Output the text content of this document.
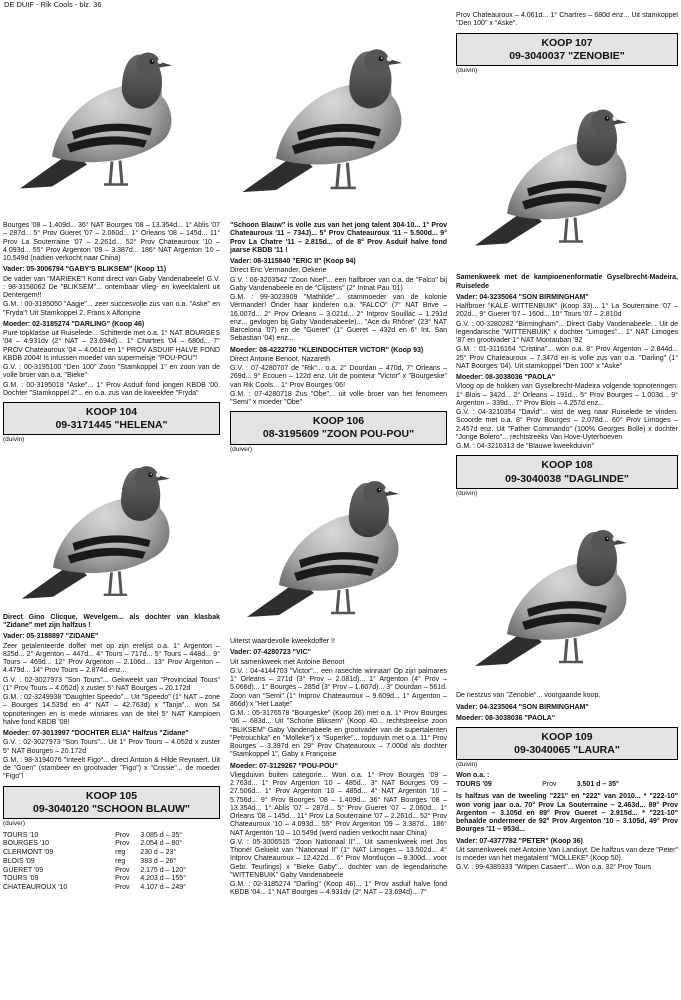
DE DUIF - Rik Cools - blz. 36

Bourges '08 – 1.409d... 36° NAT Bourges '08 – 13.354d... 1° Ablis '07 – 287d... 5° Prov Gueret '07 – 2.060d... 1° Orleans '08 – 145d... 11° Prov La Souterraine '07 – 2.261d... 52° Prov Chateauroux '10 – 4.093d... 55° Prov Argenton '09 – 3.387d... 186° NAT Argenton '10 – 10.549d (nadien verkocht naar China)

Vader: 05-3006794 "GABY'S BLIKSEM" (Koop 11)

De vader van "MARIEKE"! Komt direct van Gaby Vandenabeele! G.V. : 98-3158062 De "BLIKSEM"... ontembaar vlieg- en kweektalent uit Dentergem!!

G.M. : 00-3195050 "Aagje"... zeer succesvolle zus van o.a. "Aske" en "Fryda"! Uit Stamkoppel 2, Frans x Alfonçine

Moeder: 02-3185274 "DARLING" (Koop 46)

Pure topklasse uit Ruiselede... Schitterde met o.a. 1° NAT BOURGES '04 – 4.931dv (2° NAT – 23.694d)... 1° Chartres '04 – 680d... 7° PROV Chateauroux '04 – 4.061d en 1° PROV ASDUIF HALVE FOND KBDB 2004! Is intussen moeder van supermeisje "POU-POU"!

G.V. : 00-3195100 "Den 100" Zoon "Stamkoppel 1" en zoon van de volle broer van o.a. "Bieke"

G.M. : 00-3195018 "Aske"... 1° Prov Asduif fond jongen KBDB '00. Dochter "Stamkoppel 2"... en o.a. zus van de kweekfee "Fryda"

KOOP 104
09-3171445 "HELENA"
(duivin)

Direct Gino Clicque, Wevelgem... als dochter van klasbak "Zidane" met zijn halfzus !

Vader: 05-3188897 "ZIDANE"

Zeer getalenteerde doffer met op zijn erelijst o.a. 1° Argenton – 825d... 2° Argenton – 447d... 4° Tours – 717d... 5° Tours – 448d... 9° Tours – 469d... 12° Prov Argenton – 2.106d... 13° Prov Argenton – 4.479d... 14° Prov Tours – 2.874d enz...

G.V. : 02-3027973 "Son Tours"... Gekweekt van "Provinciaal Tours" (1° Prov Tours – 4.052d) x zuster 5° NAT Bourges – 20.172d

G.M. : 02-3249938 "Daughter Speedo"... Uit "Speedo" (1° NAT – zone – Bourges 14.535d en 4° NAT – 42.763d) x "Tanja"... won 54 topnoteringen en is mede winnares van de titel 5° NAT Kampioen halve fond KBDB '08!

Moeder: 07-3013997 "DOCHTER ELIA" Halfzus "Zidane"

G.V. : 02-3027973 "Son Tours"... Uit 1° Prov Tours – 4.052d x zuster 5° NAT Bourges – 20.172d

G.M. : 98-3194076 "Inteelt Figo"... direct Antoon & Hilde Reynaert. Uit de "Goen" (stambeer en grootvader "Figo") x "Crissie"... de moeder "Figo"!

KOOP 105
09-3040120 "SCHOON BLAUW"
(duiver)
TOURS '10	Prov	3.085 d – 35°
BOURGES '10	Prov	2.054 d – 80°
CLERMONT '09	reg	230 d – 23°
BLOIS '09	reg	383 d – 26°
GUERET '09	Prov	2.175 d – 120°
TOURS '09	Prov	4.203 d – 155°
CHATEAUROUX '10	Prov	4.107 d – 249°

"Schoon Blauw" is volle zus van het jong talent 304-10... 1° Prov Chateauroux '11 – 734J)... 5° Prov Chateauroux '11 – 5.500d... 9° Prov La Chatre '11 – 2.815d... of de 8° Prov Asduif halve fond jaarse KBDB '11 !

Vader: 08-3115840 "ERIC II" (Koop 94)

Direct Eric Vermander, Oekene

G.V. : 06-3203542 "Zoon Noel"... een halfbroer van o.a. de "Falco" bij Gaby Vandenabeele en de "Clijsters" (2° Intnat Pau '01)

G.M. : 99-3023909 "Mathilde"... stammoeder van de kolonie Vermander! Onder haar kinderen o.a. "FALCO" (7° NAT Brive – 16.007d... 2° Prov Orleans – 3.021d... 2° Intprov Souillac – 1.291d enz... gevlogen bij Gaby Vandenabeele)... "Ace du Rhône" (23° NAT Barcelona '07) en de "Gueret" (1° Gueret – 432d en 6° Int. San Sebastian '04) enz...

Moeder: 08-4222730 "KLEINDOCHTER VICTOR" (Koop 93)

Direct Antoine Benoot, Nazareth

G.V. : 07-4280707 de "Rik"... o.a. 2° Dourdan – 470d, 7° Orleans – 269d... 9° Ecouen – 122d enz. Uit de pointeur "Victor" x "Bourgeske" van Rik Cools... 1° Prov Bourges '06!

G.M. : 07-4280718 Zus "Obe"... uit volle broer van het fenomeen "Semi" x moeder "Obe"

KOOP 106
08-3195609 "ZOON POU-POU"
(duiver)

Uiterst waardevolle kweekdoffer !!

Vader: 07-4280723 "VIC"

Uit samenkweek met Antoine Benoot

G.V. : 04-4144703 "Victor"... een rasechte winnaar! Op zijn palmares 1° Orleans – 271d (3° Prov – 2.081d)... 1° Argenton (4° Prov – 5.066d)... 1° Bourges – 285d (3° Prov – 1.607d)... 3° Dourdan – 561d. Zoon van "Semi" (1° Intprov Chateauroux – 9.609d... 1° Argenton – 866d) x "Het Laatje"

G.M. : 05-3176578 "Bourgeske" (Koop 26) met o.a. 1° Prov Bourges '06 – 683d... Uit "Schone Bliksem" (Koop 40... rechtstreekse zoon "BLIKSEM" Gaby Vandenabeele en grootvader van de supertalenten "Petrouchka" en "Molleke") x "Superke"... topduivin met o.a. 11° Prov Bourges – 3.397d en 29° Prov Chateauroux – 7.000d als dochter "Stamkoppel 1", Gaby x Françoise

Moeder: 07-3129267 "POU-POU"

Vliegduivin buiten categorie... Won o.a. 1° Prov Bourges '09 – 2.763d... 1° Prov Argenton '10 – 485d... 3° NAT Bourges '09 – 27.506d... 1° Prov Argenton '10 – 485d... 4° NAT Argenton '10 – 5.756d... 9° Prov Bourges '08 – 1.409d... 36° NAT Bourges '08 – 13.354d... 1° Ablis '07 – 287d... 5° Prov Gueret '07 – 2.060d... 1° Orleans '08 – 145d... 11° Prov La Souterraine '07 – 2.261d... 52° Prov Chateauroux '10 – 4.093d... 55° Prov Argenton '09 – 3.387d... 186° NAT Argenton '10 – 10.549d (werd nadien verkocht naar China)

G.V. : 05-3006515 "Zoon Nationaal II"... Uit samenkweek met Jos Thoné! Gekiekt van "Nationaal II" (1° NAT Limoges – 13.502d... 4° Intprov Chateauroux – 12.422d... 6° Prov Montluçon – 9.300d... voor Gebr. Teurlings) x "Bieke Gaby"... dochter van de legendarische "WITTENBUIK" Gaby Vandenabeele

G.M. : 02-3185274 "Darling" (Koop 46)... 1° Prov asduif halve fond KBDB '04... 1° NAT Bourges – 4.931dv (2° NAT – 23.694d)... 7°

Prov Chateauroux – 4.061d... 1° Chartres – 680d enz... Uit stamkoppel "Den 100" x "Aske".

KOOP 107
09-3040037 "ZENOBIE"
(duivin)

Samenkweek met de kampioenenformatie Gyselbrecht-Madeira, Ruiselede

Vader: 04-3235064 "SON BIRMINGHAM"

Halfbroer "KALE WITTENBUIK" (Koop 33)... 1° La Souterraine '07 – 202d... 9° Gueret '07 – 160d... 10° Tours '07 – 2.810d

G.V. : 00-3280282 "Birmingham"... Direct Gaby Vandenabeele... Uit de legendarische "WITTENBUIK" x dochter "Limoges"... 1° NAT Limoges '87 en grootvader 1° NAT Montauban '92

G.M. : 01-3116164 "Cristina"... won o.a. 8° Prov Argenton – 2.844d... 25° Prov Chateauroux – 7.347d en is volle zus van o.a. "Darling" (1° NAT Bourges '04). Uit stamkoppel "Den 100" x "Aske"

Moeder: 08-3038036 "PAOLA"

Vloog op de hokken van Gyselbrecht-Madeira volgende topnoteringen: 1° Blois – 342d... 2° Orleans – 191d... 5° Prov Bourges – 1.003d... 9° Argenton – 339d... 7° Prov Blois – 4.257d enz...

G.V. : 04-3210354 "David"... wist de weg naar Ruiselede te vinden. Scoorde met o.a. 8° Prov Bourges – 2.078d... 60° Prov Limoges – 2.457d enz. Uit "Father Commando" (100% Georges Bolle) x dochter "Jonge Bolero"... rechtstreeks Van Hove-Uyterhoeven

G.M. : 04-3210313 de "Blauwe kweekduivin"

KOOP 108
09-3040038 "DAGLINDE"
(duivin)

De nestzus van "Zenobie"... voorgaande koop.

Vader: 04-3235064 "SON BIRMINGHAM"

Moeder: 08-3038036 "PAOLA"

KOOP 109
09-3040065 "LAURA"
(duivin)

Won o.a. :

TOURS '09	Prov	3.501 d – 35°

Is halfzus van de tweeling "221" en "222" van 2010... * "222-10" won vorig jaar o.a. 70° Prov La Souterraine – 2.463d... 89° Prov Argenton – 3.105d en 89° Prov Gueret – 2.915d... * "221-10" behaalde ondermeer de 92° Prov Argenton '10 – 3.105d, 49° Prov Bourges '11 – 953d...

Vader: 07-4377782 "PETER" (Koop 36)

Uit samenkweek met Antoine Van Landuyt. De halfzus van deze "Peter" is moeder van het megatalent "MOLLEKE" (Koop 50).

G.V. : 99-4389333 "Witpen Casaert"... Won o.a. 32° Prov Tours
